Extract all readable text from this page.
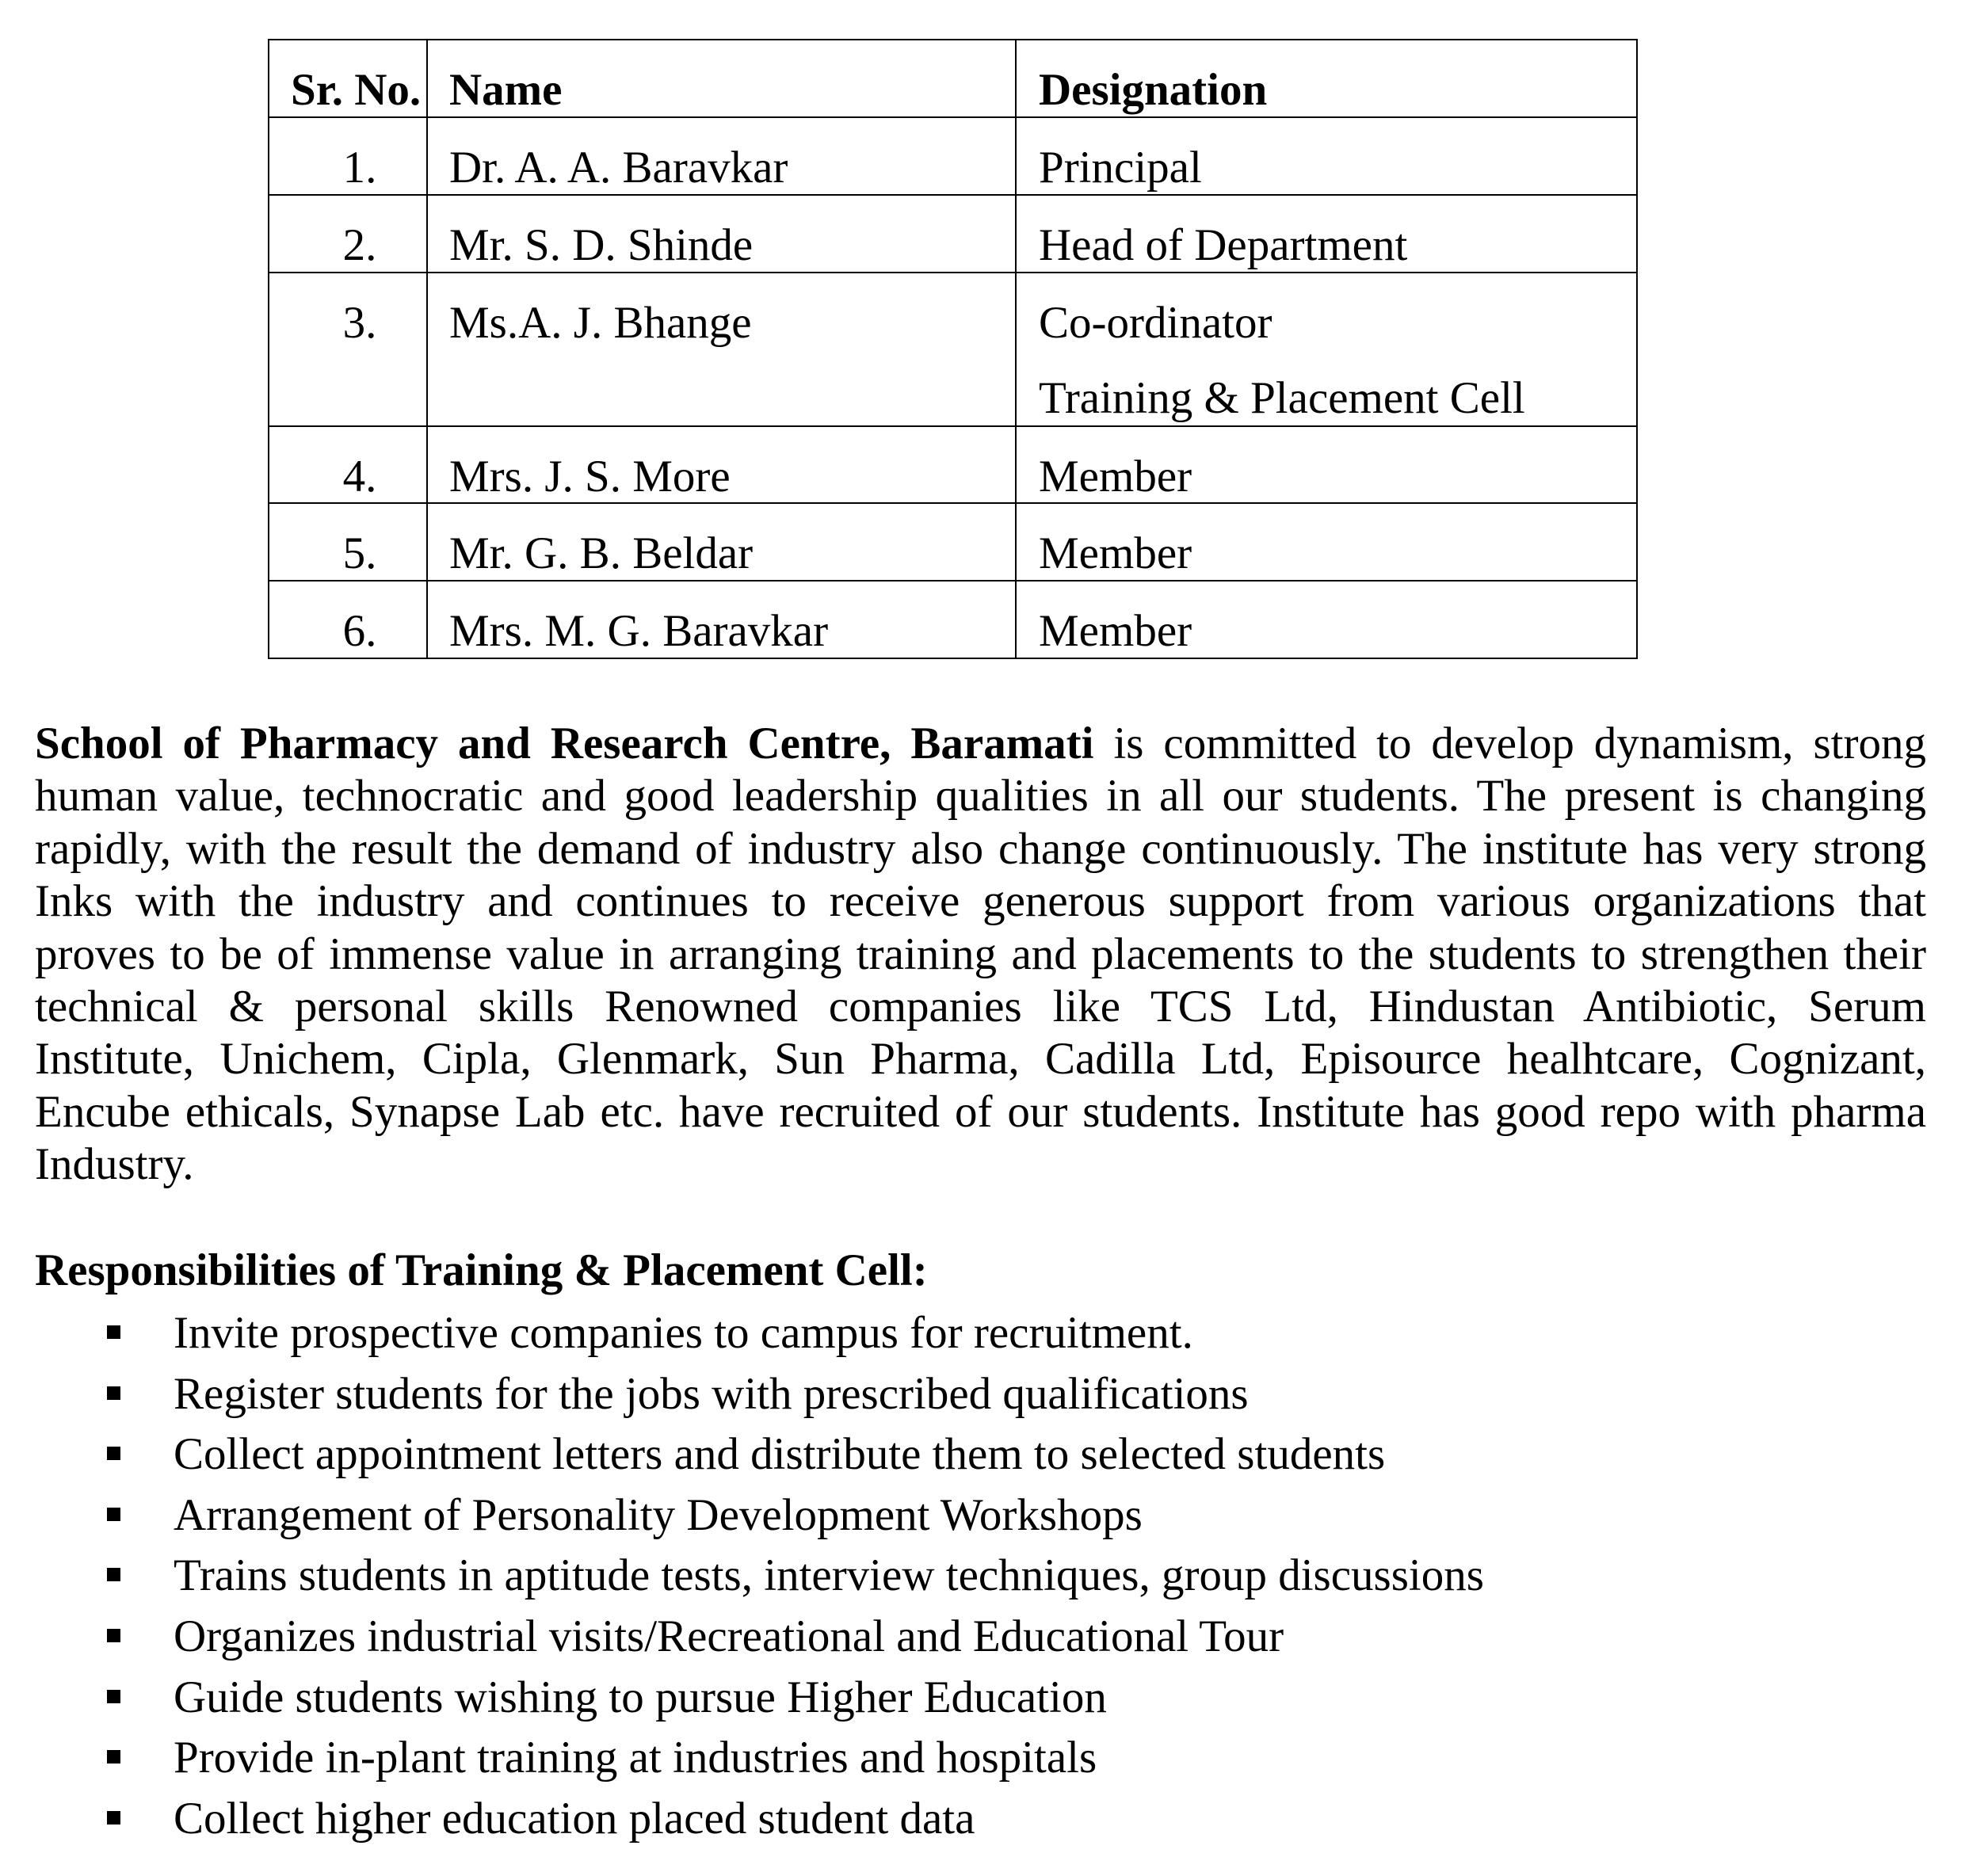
Sr. No.	Name	Designation

1.	Dr. A. A. Baravkar	Principal

2.	Mr. S. D. Shinde	Head of Department

3.	Ms.A. J. Bhange	Co-ordinator
Training & Placement Cell

4.	Mrs. J. S. More	Member

5.	Mr. G. B. Beldar	Member

6.	Mrs. M. G. Baravkar	Member
School of Pharmacy and Research Centre, Baramati is committed to develop dynamism, strong
human value, technocratic and good leadership qualities in all our students. The present is changing
rapidly, with the result the demand of industry also change continuously. The institute has very strong
Inks with the industry and continues to receive generous support from various organizations that
proves to be of immense value in arranging training and placements to the students to strengthen their
technical & personal skills Renowned companies like TCS Ltd, Hindustan Antibiotic, Serum
Institute, Unichem, Cipla, Glenmark, Sun Pharma, Cadilla Ltd, Episource healhtcare, Cognizant,
Encube ethicals, Synapse Lab etc. have recruited of our students. Institute has good repo with pharma
Industry.
Responsibilities of Training & Placement Cell:
Invite prospective companies to campus for recruitment.
Register students for the jobs with prescribed qualifications
Collect appointment letters and distribute them to selected students
Arrangement of Personality Development Workshops
Trains students in aptitude tests, interview techniques, group discussions
Organizes industrial visits/Recreational and Educational Tour
Guide students wishing to pursue Higher Education
Provide in-plant training at industries and hospitals
Collect higher education placed student data
